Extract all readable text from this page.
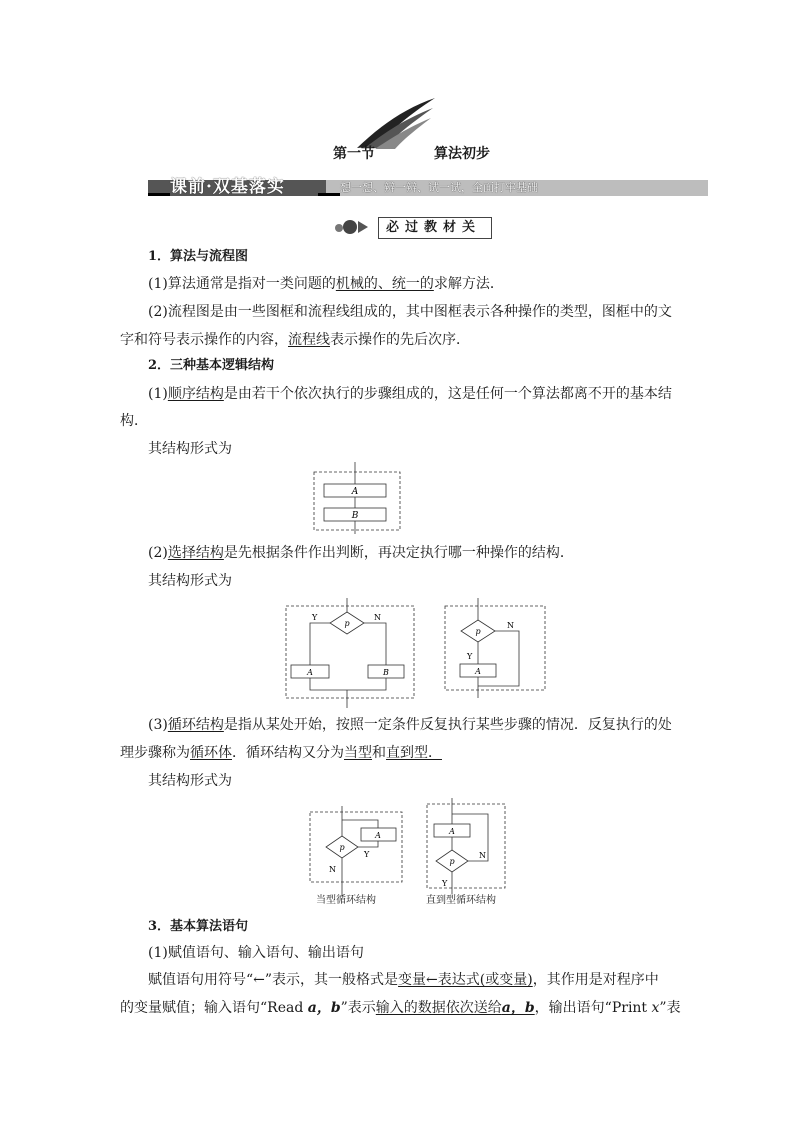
第一节	算法初步
课前·双基落实	想一想、辨一辨、试一试，全面打牢基础
必过教材关
1．算法与流程图
(1)算法通常是指对一类问题的机械的、统一的求解方法．
(2)流程图是由一些图框和流程线组成的，其中图框表示各种操作的类型，图框中的文
字和符号表示操作的内容，流程线表示操作的先后次序．
2．三种基本逻辑结构
(1)顺序结构是由若干个依次执行的步骤组成的，这是任何一个算法都离不开的基本结
构．
其结构形式为
A
B
(2)选择结构是先根据条件作出判断，再决定执行哪一种操作的结构．
其结构形式为
p
Y	N
A	B
p
N
Y
A
(3)循环结构是指从某处开始，按照一定条件反复执行某些步骤的情况．反复执行的处
理步骤称为循环体．循环结构又分为当型和直到型．
其结构形式为
p
A
Y
N
当型循环结构
A
p
N
Y
直到型循环结构
3．基本算法语句
(1)赋值语句、输入语句、输出语句
赋值语句用符号“←”表示，其一般格式是变量←表达式(或变量)，其作用是对程序中
的变量赋值；输入语句“Read a，b”表示输入的数据依次送给a，b，输出语句“Print x”表
